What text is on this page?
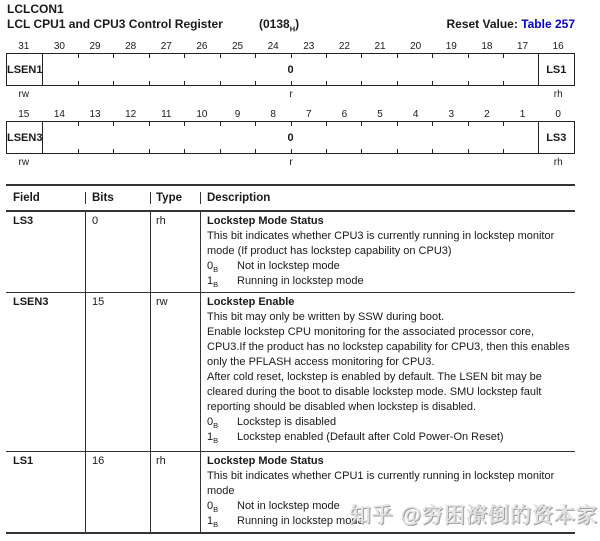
LCLCON1
LCL CPU1 and CPU3 Control Register	$(0138_H)$	Reset Value: Table 257
31	30	29	28	27	26	25	24	23	22	21	20	19	18	17	16
LSEN1	0	LS1
rw	r	rh
15	14	13	12	11	10	9	8	7	6	5	4	3	2	1	0
LSEN3	0	LS3
rw	r	rh
Field	Bits	Type	Description
LS3	0	rh	Lockstep Mode Status
This bit indicates whether CPU3 is currently running in lockstep monitor mode (If product has lockstep capability on CPU3)
$0_B$	Not in lockstep mode
$1_B$	Running in lockstep mode
LSEN3	15	rw	Lockstep Enable
This bit may only be written by SSW during boot.
Enable lockstep CPU monitoring for the associated processor core, CPU3.If the product has no lockstep capability for CPU3, then this enables only the PFLASH access monitoring for CPU3.
After cold reset, lockstep is enabled by default. The LSEN bit may be cleared during the boot to disable lockstep mode. SMU lockstep fault reporting should be disabled when lockstep is disabled.
$0_B$	Lockstep is disabled
$1_B$	Lockstep enabled (Default after Cold Power-On Reset)
LS1	16	rh	Lockstep Mode Status
This bit indicates whether CPU1 is currently running in lockstep monitor mode
$0_B$	Not in lockstep mode
$1_B$	Running in lockstep mode
知乎 @穷困潦倒的资本家
